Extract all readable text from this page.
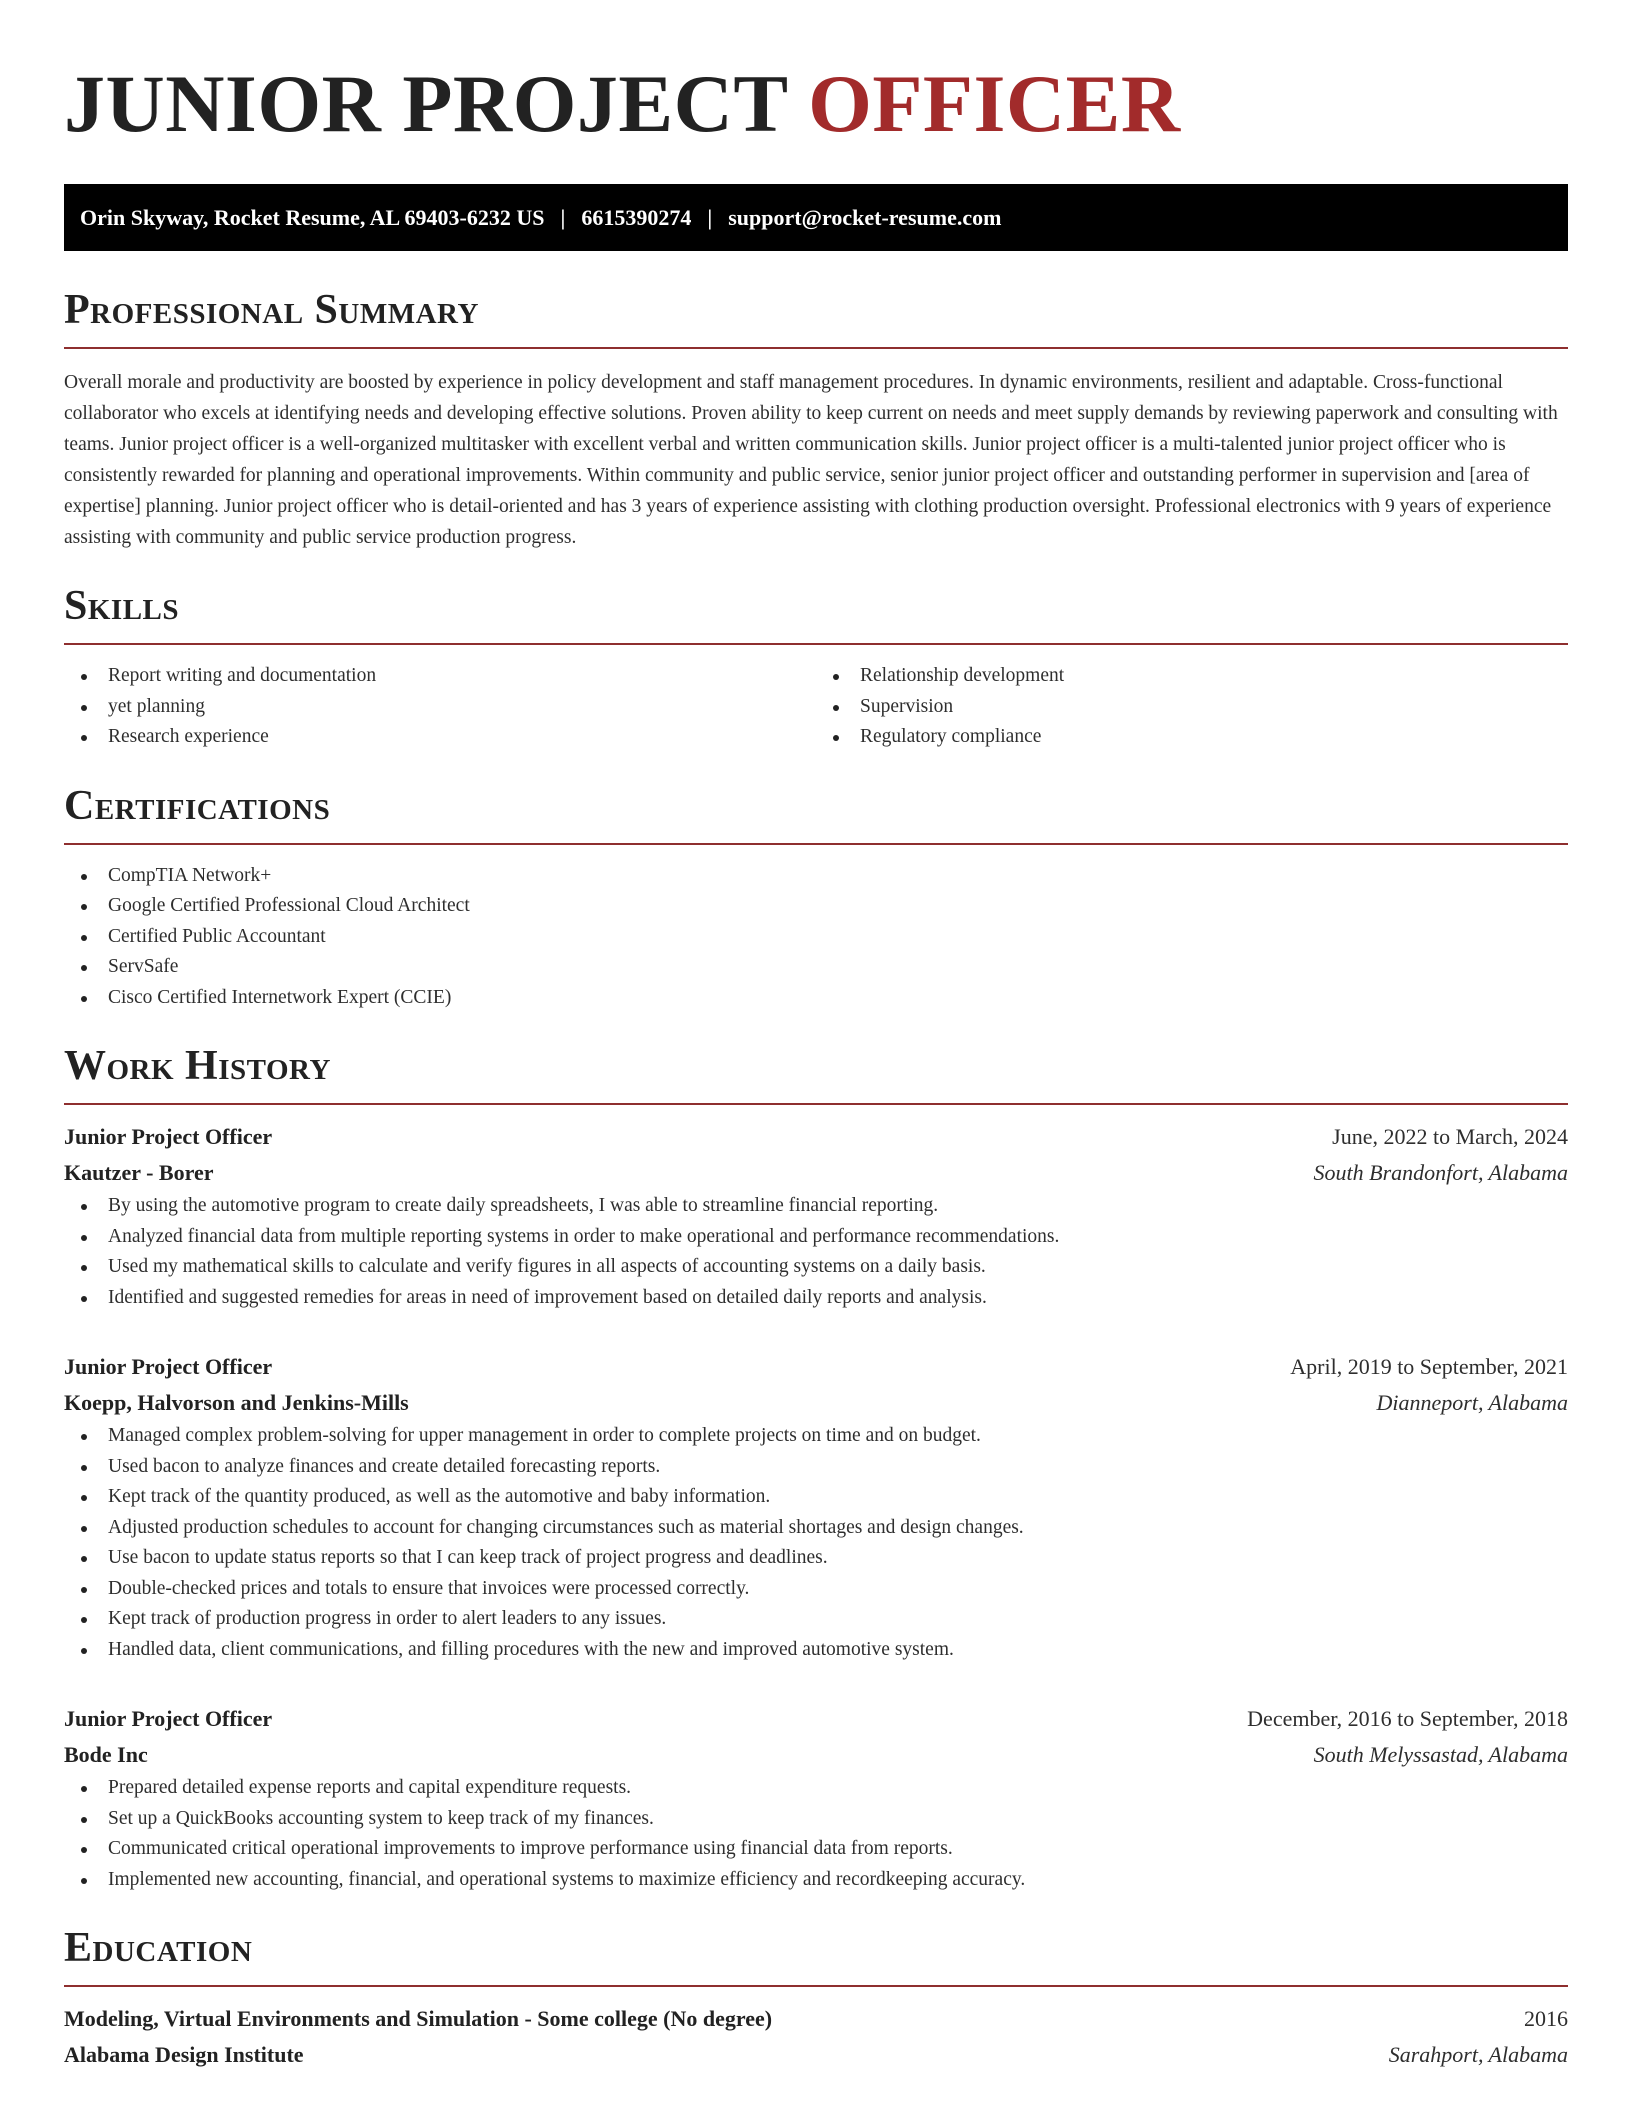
JUNIOR PROJECT OFFICER
Orin Skyway, Rocket Resume, AL 69403-6232 US | 6615390274 | support@rocket-resume.com
Professional Summary

Overall morale and productivity are boosted by experience in policy development and staff management procedures. In dynamic environments, resilient and adaptable. Cross-functional collaborator who excels at identifying needs and developing effective solutions. Proven ability to keep current on needs and meet supply demands by reviewing paperwork and consulting with teams. Junior project officer is a well-organized multitasker with excellent verbal and written communication skills. Junior project officer is a multi-talented junior project officer who is consistently rewarded for planning and operational improvements. Within community and public service, senior junior project officer and outstanding performer in supervision and [area of expertise] planning. Junior project officer who is detail-oriented and has 3 years of experience assisting with clothing production oversight. Professional electronics with 9 years of experience assisting with community and public service production progress.

Skills
Report writing and documentation
yet planning
Research experience
Relationship development
Supervision
Regulatory compliance
Certifications
CompTIA Network+
Google Certified Professional Cloud Architect
Certified Public Accountant
ServSafe
Cisco Certified Internetwork Expert (CCIE)
Work History
Junior Project Officer	June, 2022 to March, 2024
Kautzer - Borer	South Brandonfort, Alabama
By using the automotive program to create daily spreadsheets, I was able to streamline financial reporting.
Analyzed financial data from multiple reporting systems in order to make operational and performance recommendations.
Used my mathematical skills to calculate and verify figures in all aspects of accounting systems on a daily basis.
Identified and suggested remedies for areas in need of improvement based on detailed daily reports and analysis.
Junior Project Officer	April, 2019 to September, 2021
Koepp, Halvorson and Jenkins-Mills	Dianneport, Alabama
Managed complex problem-solving for upper management in order to complete projects on time and on budget.
Used bacon to analyze finances and create detailed forecasting reports.
Kept track of the quantity produced, as well as the automotive and baby information.
Adjusted production schedules to account for changing circumstances such as material shortages and design changes.
Use bacon to update status reports so that I can keep track of project progress and deadlines.
Double-checked prices and totals to ensure that invoices were processed correctly.
Kept track of production progress in order to alert leaders to any issues.
Handled data, client communications, and filling procedures with the new and improved automotive system.
Junior Project Officer	December, 2016 to September, 2018
Bode Inc	South Melyssastad, Alabama
Prepared detailed expense reports and capital expenditure requests.
Set up a QuickBooks accounting system to keep track of my finances.
Communicated critical operational improvements to improve performance using financial data from reports.
Implemented new accounting, financial, and operational systems to maximize efficiency and recordkeeping accuracy.
Education
Modeling, Virtual Environments and Simulation - Some college (No degree)	2016
Alabama Design Institute	Sarahport, Alabama
